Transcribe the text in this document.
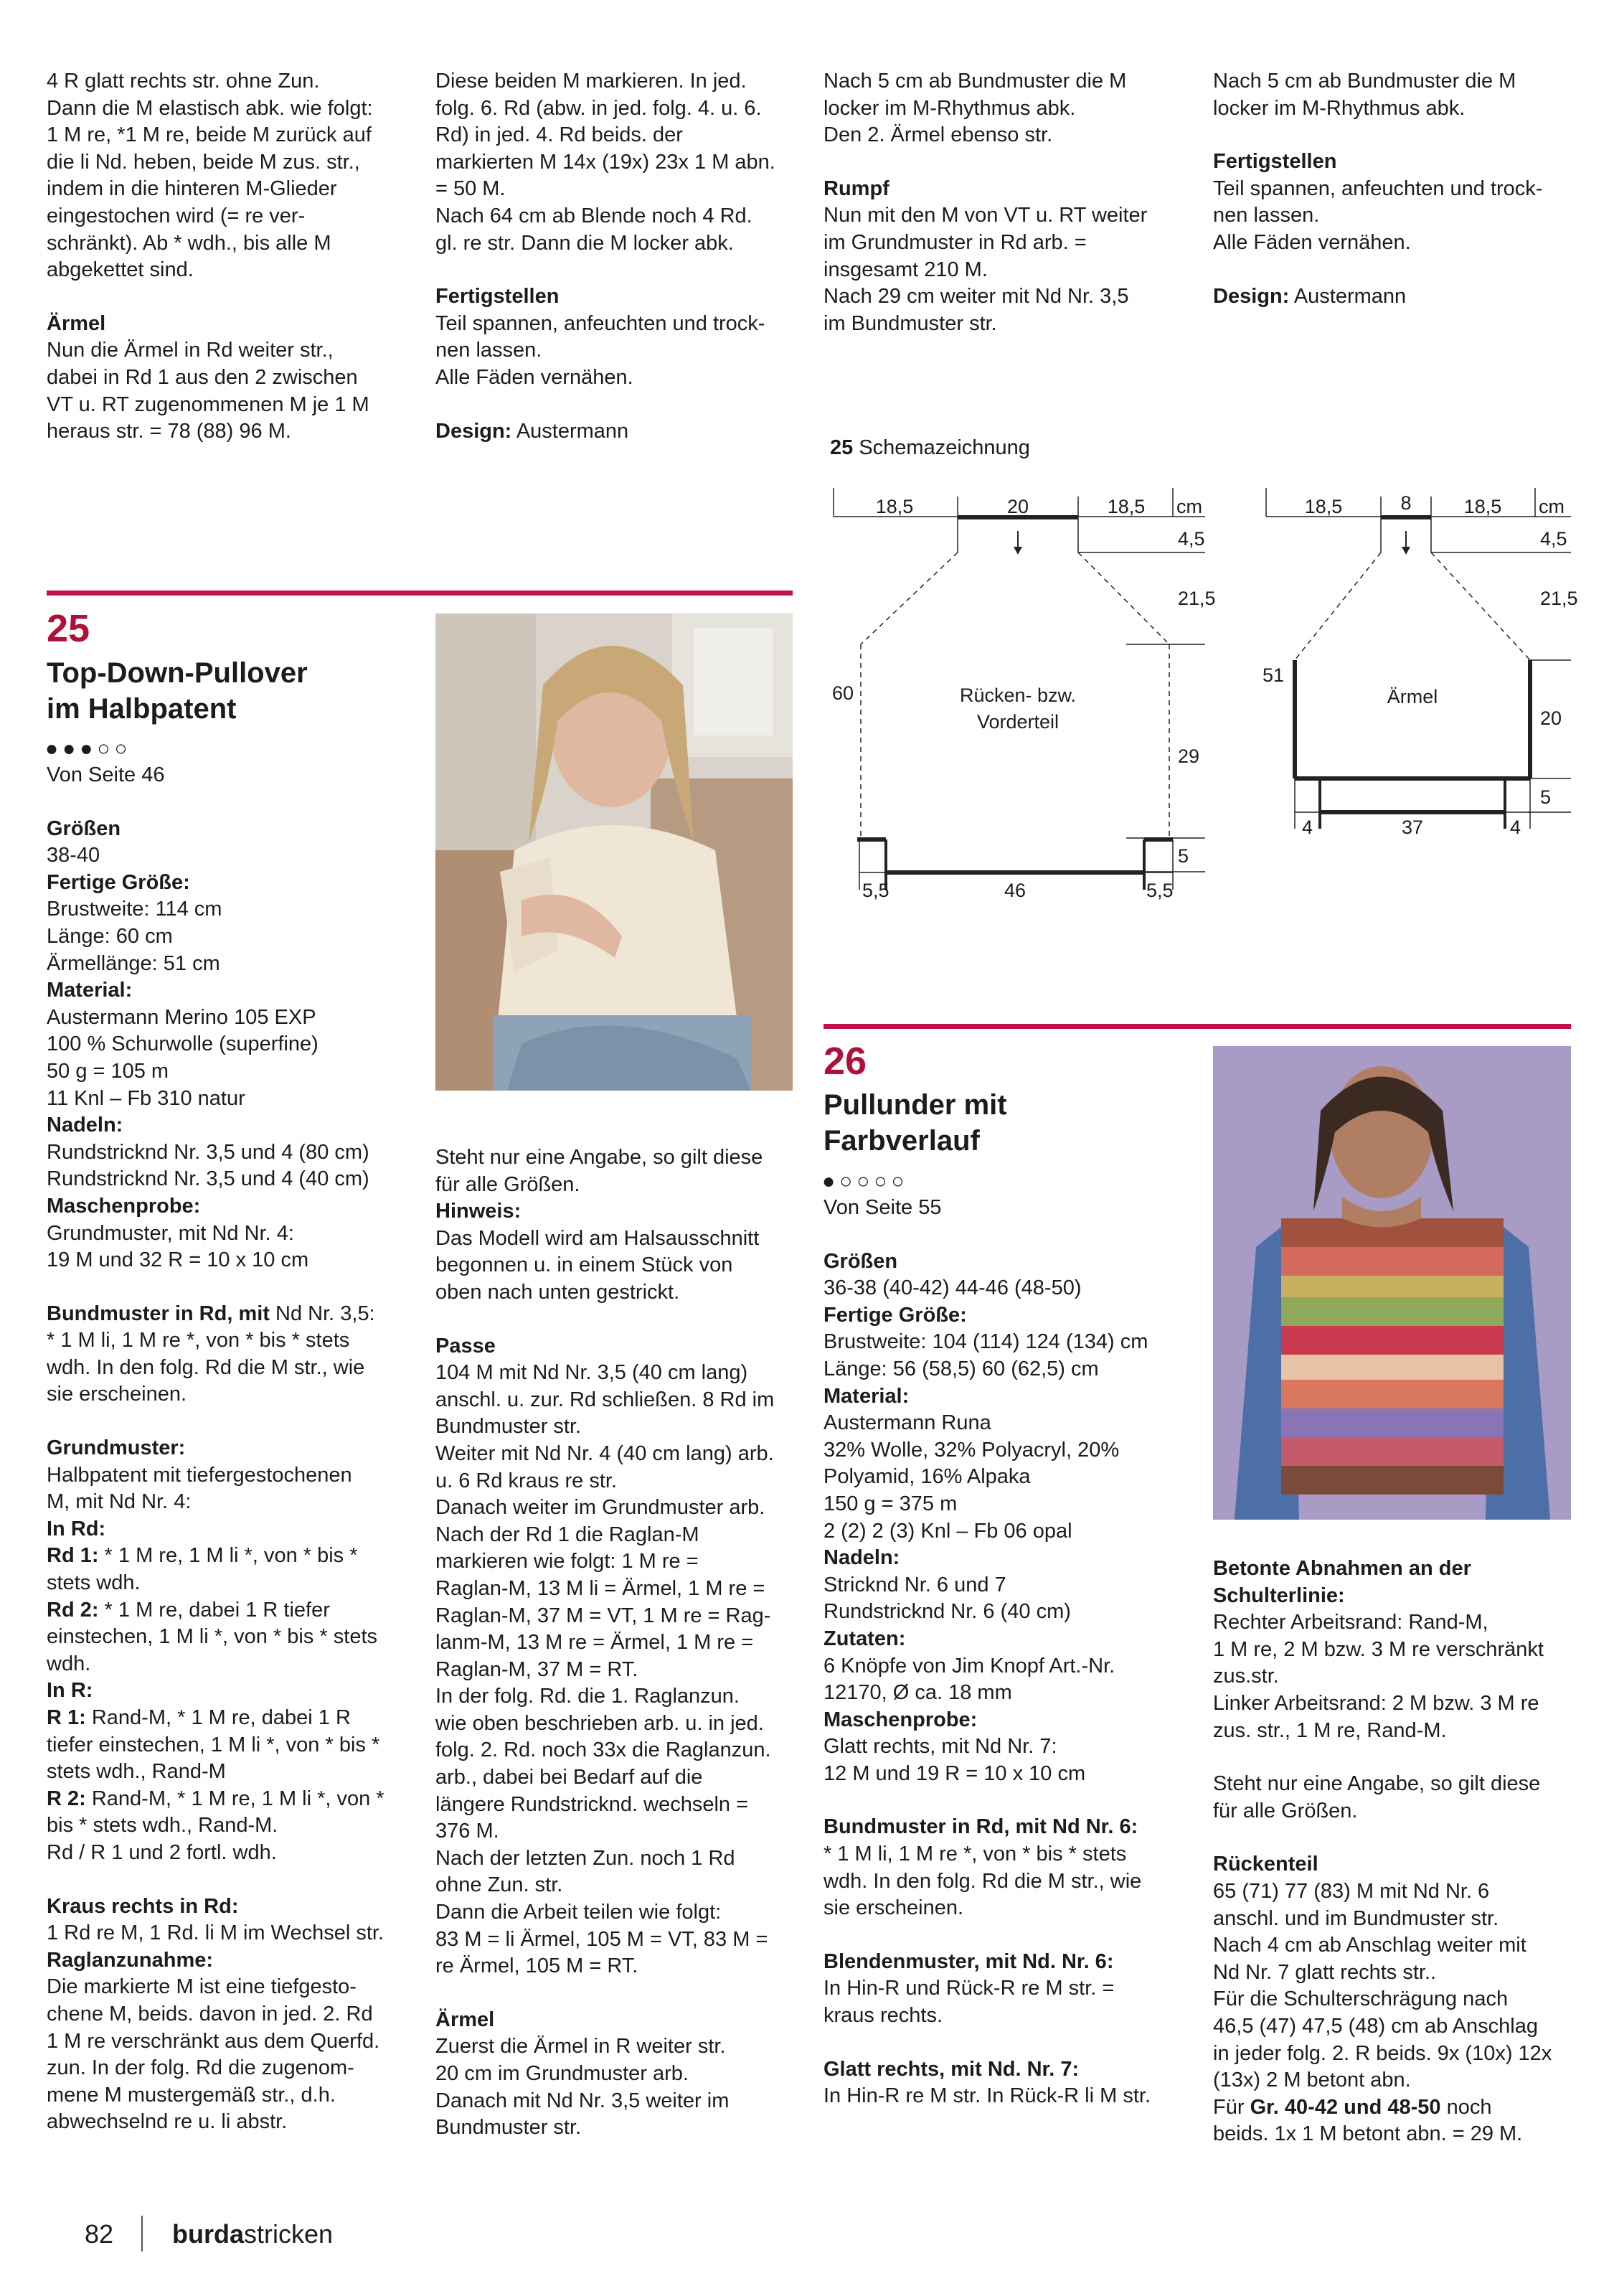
4 R glatt rechts str. ohne Zun.
Dann die M elastisch abk. wie folgt:
1 M re, *1 M re, beide M zurück auf
die li Nd. heben, beide M zus. str.,
indem in die hinteren M-Glieder
eingestochen wird (= re ver-
schränkt). Ab * wdh., bis alle M
abgekettet sind.

Ärmel
Nun die Ärmel in Rd weiter str.,
dabei in Rd 1 aus den 2 zwischen
VT u. RT zugenommenen M je 1 M
heraus str. = 78 (88) 96 M.

Diese beiden M markieren. In jed.
folg. 6. Rd (abw. in jed. folg. 4. u. 6.
Rd) in jed. 4. Rd beids. der
markierten M 14x (19x) 23x 1 M abn.
= 50 M.
Nach 64 cm ab Blende noch 4 Rd.
gl. re str. Dann die M locker abk.

Fertigstellen

Teil spannen, anfeuchten und trock-
nen lassen.
Alle Fäden vernähen.

Design: Austermann

Nach 5 cm ab Bundmuster die M
locker im M-Rhythmus abk.
Den 2. Ärmel ebenso str.

Rumpf
Nun mit den M von VT u. RT weiter
im Grundmuster in Rd arb. =
insgesamt 210 M.
Nach 29 cm weiter mit Nd Nr. 3,5
im Bundmuster str.

Nach 5 cm ab Bundmuster die M
locker im M-Rhythmus abk.

Fertigstellen

Teil spannen, anfeuchten und trock-
nen lassen.
Alle Fäden vernähen.

Design: Austermann
25 Schemazeichnung
18,5	20	18,5 cm
4,5
21,5
29
5
60
5,5	46	5,5
Rücken- bzw.
Vorderteil
18,5	8	18,5 cm
4,5
21,5
20
5
51
4	37	4
Ärmel
25
Top-Down-Pullover
im Halbpatent
●●●○○

Von Seite 46

Größen
38-40
Fertige Größe:
Brustweite: 114 cm
Länge: 60 cm
Ärmellänge: 51 cm
Material:
Austermann Merino 105 EXP
100 % Schurwolle (superfine)
50 g = 105 m
11 Knl – Fb 310 natur
Nadeln:
Rundstricknd Nr. 3,5 und 4 (80 cm)
Rundstricknd Nr. 3,5 und 4 (40 cm)
Maschenprobe:

Grundmuster, mit Nd Nr. 4:
19 M und 32 R = 10 x 10 cm

Bundmuster in Rd, mit Nd Nr. 3,5:

* 1 M li, 1 M re *, von * bis * stets
wdh. In den folg. Rd die M str., wie
sie erscheinen.

Grundmuster:
Halbpatent mit tiefergestochenen
M, mit Nd Nr. 4:
In Rd:
Rd 1: * 1 M re, 1 M li *, von * bis *
stets wdh.
Rd 2: * 1 M re, dabei 1 R tiefer
einstechen, 1 M li *, von * bis * stets
wdh.
In R:
R 1: Rand-M, * 1 M re, dabei 1 R
tiefer einstechen, 1 M li *, von * bis *
stets wdh., Rand-M

R 2: Rand-M, * 1 M re, 1 M li *, von *
bis * stets wdh., Rand-M.
Rd / R 1 und 2 fortl. wdh.

Kraus rechts in Rd:
1 Rd re M, 1 Rd. li M im Wechsel str.
Raglanzunahme:
Die markierte M ist eine tiefgesto-
chene M, beids. davon in jed. 2. Rd
1 M re verschränkt aus dem Querfd.
zun. In der folg. Rd die zugenom-
mene M mustergemäß str., d.h.
abwechselnd re u. li abstr.
Steht nur eine Angabe, so gilt diese
für alle Größen.
Hinweis:

Das Modell wird am Halsausschnitt
begonnen u. in einem Stück von
oben nach unten gestrickt.

Passe

104 M mit Nd Nr. 3,5 (40 cm lang)
anschl. u. zur. Rd schließen. 8 Rd im
Bundmuster str.
Weiter mit Nd Nr. 4 (40 cm lang) arb.
u. 6 Rd kraus re str.
Danach weiter im Grundmuster arb.
Nach der Rd 1 die Raglan-M
markieren wie folgt: 1 M re =
Raglan-M, 13 M li = Ärmel, 1 M re =
Raglan-M, 37 M = VT, 1 M re = Rag-
lanm-M, 13 M re = Ärmel, 1 M re =
Raglan-M, 37 M = RT.
In der folg. Rd. die 1. Raglanzun.
wie oben beschrieben arb. u. in jed.
folg. 2. Rd. noch 33x die Raglanzun.
arb., dabei bei Bedarf auf die
längere Rundstricknd. wechseln =
376 M.
Nach der letzten Zun. noch 1 Rd
ohne Zun. str.
Dann die Arbeit teilen wie folgt:
83 M = li Ärmel, 105 M = VT, 83 M =
re Ärmel, 105 M = RT.

Ärmel
Zuerst die Ärmel in R weiter str.
20 cm im Grundmuster arb.
Danach mit Nd Nr. 3,5 weiter im
Bundmuster str.
26
Pullunder mit
Farbverlauf
●○○○○

Von Seite 55

Größen
36-38 (40-42) 44-46 (48-50)
Fertige Größe:
Brustweite: 104 (114) 124 (134) cm
Länge: 56 (58,5) 60 (62,5) cm
Material:
Austermann Runa
32% Wolle, 32% Polyacryl, 20%
Polyamid, 16% Alpaka
150 g = 375 m
2 (2) 2 (3) Knl – Fb 06 opal
Nadeln:
Stricknd Nr. 6 und 7
Rundstricknd Nr. 6 (40 cm)
Zutaten:
6 Knöpfe von Jim Knopf Art.-Nr.
12170, Ø ca. 18 mm
Maschenprobe:

Glatt rechts, mit Nd Nr. 7:
12 M und 19 R = 10 x 10 cm

Bundmuster in Rd, mit Nd Nr. 6:

* 1 M li, 1 M re *, von * bis * stets
wdh. In den folg. Rd die M str., wie
sie erscheinen.

Blendenmuster, mit Nd. Nr. 6:

In Hin-R und Rück-R re M str. =
kraus rechts.

Glatt rechts, mit Nd. Nr. 7:
In Hin-R re M str. In Rück-R li M str.
Betonte Abnahmen an der
Schulterlinie:

Rechter Arbeitsrand: Rand-M,
1 M re, 2 M bzw. 3 M re verschränkt
zus.str.
Linker Arbeitsrand: 2 M bzw. 3 M re
zus. str., 1 M re, Rand-M.

Steht nur eine Angabe, so gilt diese
für alle Größen.

Rückenteil
65 (71) 77 (83) M mit Nd Nr. 6
anschl. und im Bundmuster str.
Nach 4 cm ab Anschlag weiter mit
Nd Nr. 7 glatt rechts str..
Für die Schulterschrägung nach
46,5 (47) 47,5 (48) cm ab Anschlag
in jeder folg. 2. R beids. 9x (10x) 12x
(13x) 2 M betont abn.
Für Gr. 40-42 und 48-50 noch
beids. 1x 1 M betont abn. = 29 M.
82 burdastricken
